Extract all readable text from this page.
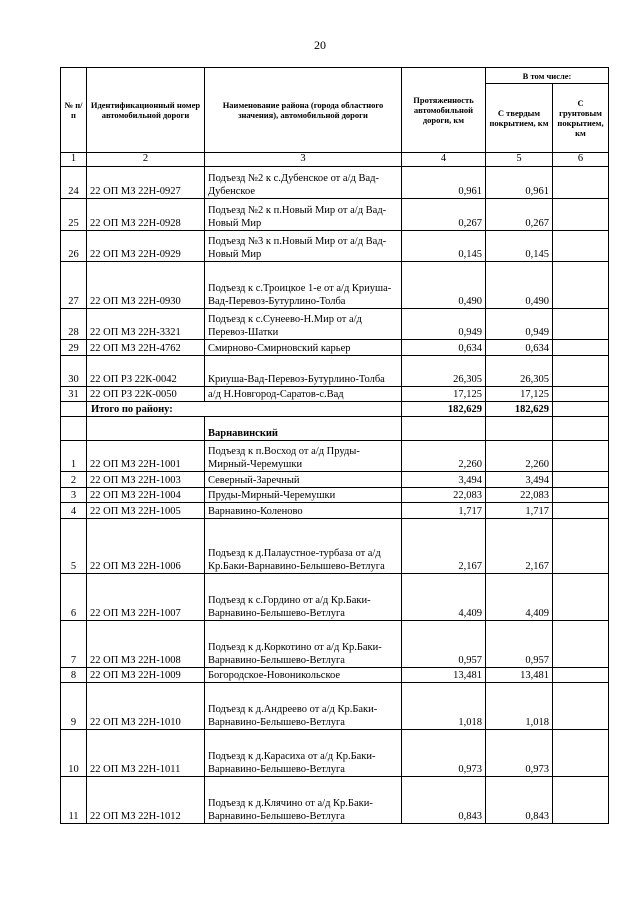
20
№ п/п	Идентификационный номер автомобильной дороги	Наименование района (города областного значения), автомобильной дороги	Протяженность автомобильной дороги, км	В том числе:	
				С твердым покрытием, км	С грунтовым покрытием, км
1	2	3	4	5	6
24	22 ОП МЗ 22Н-0927	Подъезд №2 к с.Дубенское от а/д Вад-Дубенское	0,961	0,961	
25	22 ОП МЗ 22Н-0928	Подъезд №2 к п.Новый Мир от а/д Вад- Новый Мир	0,267	0,267	
26	22 ОП МЗ 22Н-0929	Подъезд №3 к п.Новый Мир от а/д Вад-Новый Мир	0,145	0,145	
27	22 ОП МЗ 22Н-0930	Подъезд к с.Троицкое 1-е от а/д Криуша-Вад-Перевоз-Бутурлино-Толба	0,490	0,490	
28	22 ОП МЗ 22Н-3321	Подъезд к с.Сунеево-Н.Мир от а/д Перевоз-Шатки	0,949	0,949	
29	22 ОП МЗ 22Н-4762	Смирново-Смирновский карьер	0,634	0,634	
30	22 ОП РЗ 22К-0042	Криуша-Вад-Перевоз-Бутурлино-Толба	26,305	26,305	
31	22 ОП РЗ 22К-0050	а/д Н.Новгород-Саратов-с.Вад	17,125	17,125	
	Итого по району:		182,629	182,629	
		Варнавинский			
1	22 ОП МЗ 22Н-1001	Подъезд к п.Восход от а/д Пруды-Мирный-Черемушки	2,260	2,260	
2	22 ОП МЗ 22Н-1003	Северный-Заречный	3,494	3,494	
3	22 ОП МЗ 22Н-1004	Пруды-Мирный-Черемушки	22,083	22,083	
4	22 ОП МЗ 22Н-1005	Варнавино-Коленово	1,717	1,717	
5	22 ОП МЗ 22Н-1006	Подъезд к д.Палаустное-турбаза от а/д Кр.Баки-Варнавино-Белышево-Ветлуга	2,167	2,167	
6	22 ОП МЗ 22Н-1007	Подъезд к с.Гордино от а/д Кр.Баки-Варнавино-Белышево-Ветлуга	4,409	4,409	
7	22 ОП МЗ 22Н-1008	Подъезд к д.Коркотино от а/д Кр.Баки-Варнавино-Белышево-Ветлуга	0,957	0,957	
8	22 ОП МЗ 22Н-1009	Богородское-Новоникольское	13,481	13,481	
9	22 ОП МЗ 22Н-1010	Подъезд к д.Андреево от а/д Кр.Баки-Варнавино-Белышево-Ветлуга	1,018	1,018	
10	22 ОП МЗ 22Н-1011	Подъезд к д.Карасиха от а/д Кр.Баки-Варнавино-Белышево-Ветлуга	0,973	0,973	
11	22 ОП МЗ 22Н-1012	Подъезд к д.Клячино от а/д Кр.Баки-Варнавино-Белышево-Ветлуга	0,843	0,843	
